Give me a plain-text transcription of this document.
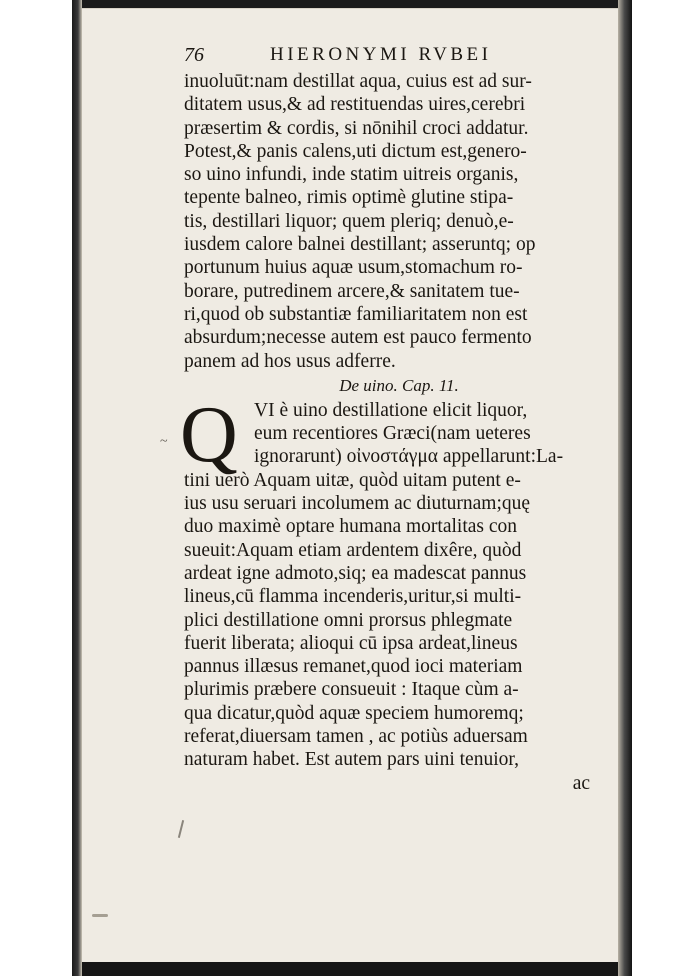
76	HIERONYMI RVBEI
inuoluūt:nam destillat aqua, cuius est ad sur-
ditatem usus,& ad restituendas uires,cerebri
præsertim & cordis, si nōnihil croci addatur.
Potest,& panis calens,uti dictum est,genero-
so uino infundi, inde statim uitreis organis,
tepente balneo, rimis optimè glutine stipa-
tis, destillari liquor; quem pleriq; denuò,e-
iusdem calore balnei destillant; asseruntq; op
portunum huius aquæ usum,stomachum ro-
borare, putredinem arcere,& sanitatem tue-
ri,quod ob substantiæ familiaritatem non est
absurdum;necesse autem est pauco fermento
panem ad hos usus adferre.
De uino. Cap. 11.
Q VI è uino destillatione elicit liquor,
eum recentiores Græci(nam ueteres
ignorarunt) οἰνοστάγμα appellarunt:La-
tini uerò Aquam uitæ, quòd uitam putent e-
ius usu seruari incolumem ac diuturnam;quę
duo maximè optare humana mortalitas con
sueuit:Aquam etiam ardentem dixêre, quòd
ardeat igne admoto,siq; ea madescat pannus
lineus,cū flamma incenderis,uritur,si multi-
plici destillatione omni prorsus phlegmate
fuerit liberata; alioqui cū ipsa ardeat,lineus
pannus illæsus remanet,quod ioci materiam
plurimis præbere consueuit : Itaque cùm a-
qua dicatur,quòd aquæ speciem humoremq;
referat,diuersam tamen , ac potiùs aduersam
naturam habet. Est autem pars uini tenuior,
ac
~
